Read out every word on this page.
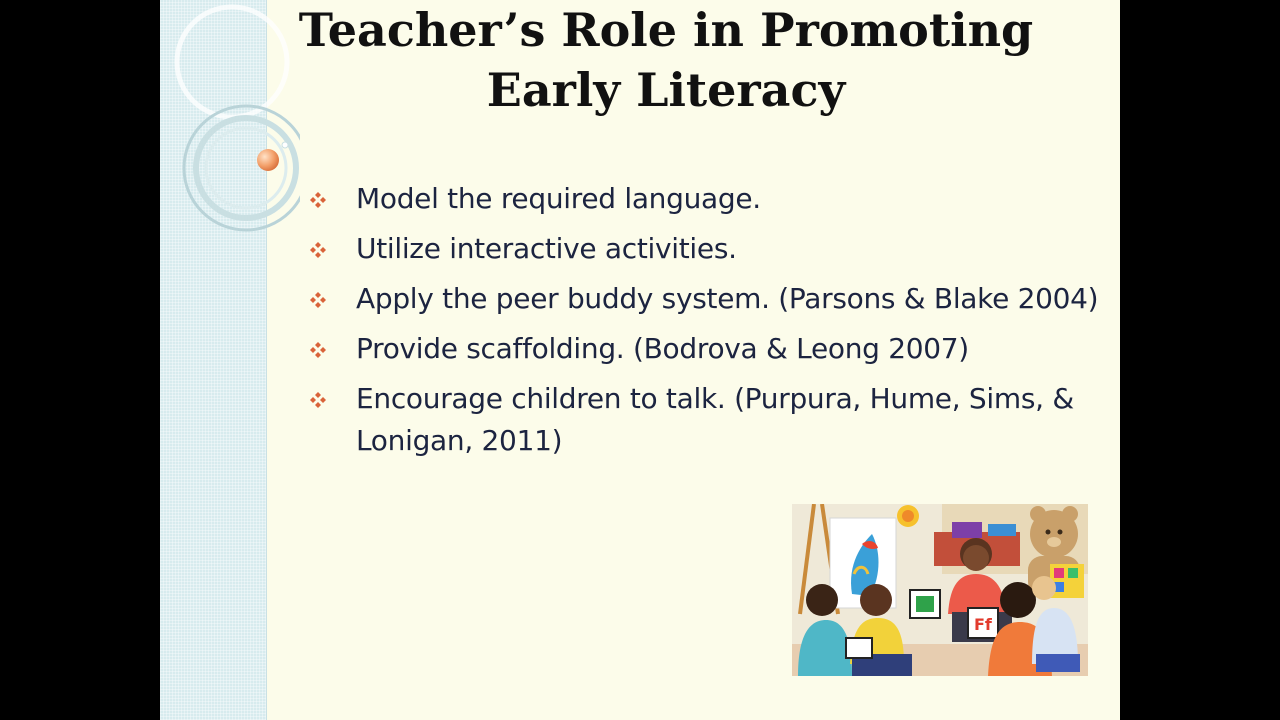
Teacher’s Role in Promoting Early Literacy
Model the required language.
Utilize interactive activities.
Apply the peer buddy system. (Parsons & Blake 2004)
Provide scaffolding. (Bodrova & Leong 2007)
Encourage children to talk. (Purpura, Hume, Sims, & Lonigan, 2011)
Ff
